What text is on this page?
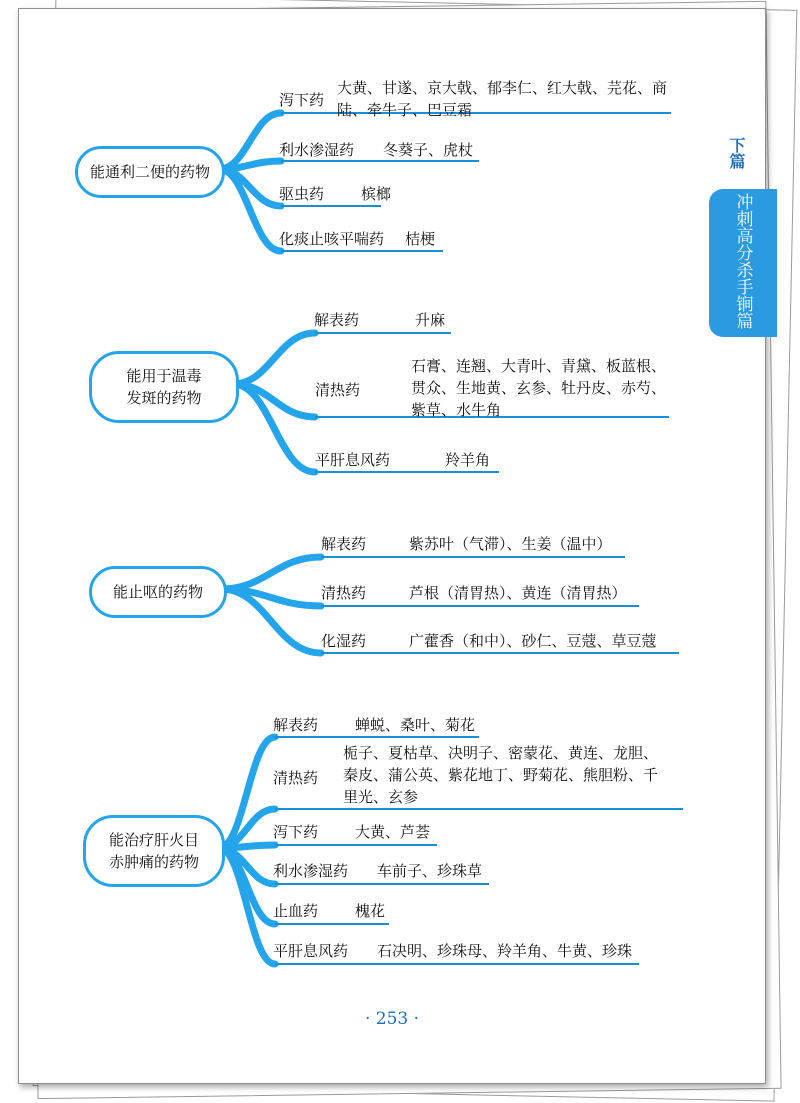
能通利二便的药物
泻下药
大黄、甘遂、京大戟、郁李仁、红大戟、芫花、商
陆、牵牛子、巴豆霜
利水渗湿药 冬葵子、虎杖
驱虫药 槟榔
化痰止咳平喘药 桔梗
能用于温毒
发斑的药物
解表药	升麻
清热药
石膏、连翘、大青叶、青黛、板蓝根、
贯众、生地黄、玄参、牡丹皮、赤芍、
紫草、水牛角
平肝息风药	羚羊角
能止呕的药物
解表药	紫苏叶（气滞）、生姜（温中）
清热药	芦根（清胃热）、黄连（清胃热）
化湿药	广藿香（和中）、砂仁、豆蔻、草豆蔻
能治疗肝火目
赤肿痛的药物
解表药 蝉蜕、桑叶、菊花
清热药
栀子、夏枯草、决明子、密蒙花、黄连、龙胆、
秦皮、蒲公英、紫花地丁、野菊花、熊胆粉、千
里光、玄参
泻下药 大黄、芦荟
利水渗湿药 车前子、珍珠草
止血药 槐花
平肝息风药 石决明、珍珠母、羚羊角、牛黄、珍珠
下篇
冲刺高分杀手锏篇
· 253 ·
